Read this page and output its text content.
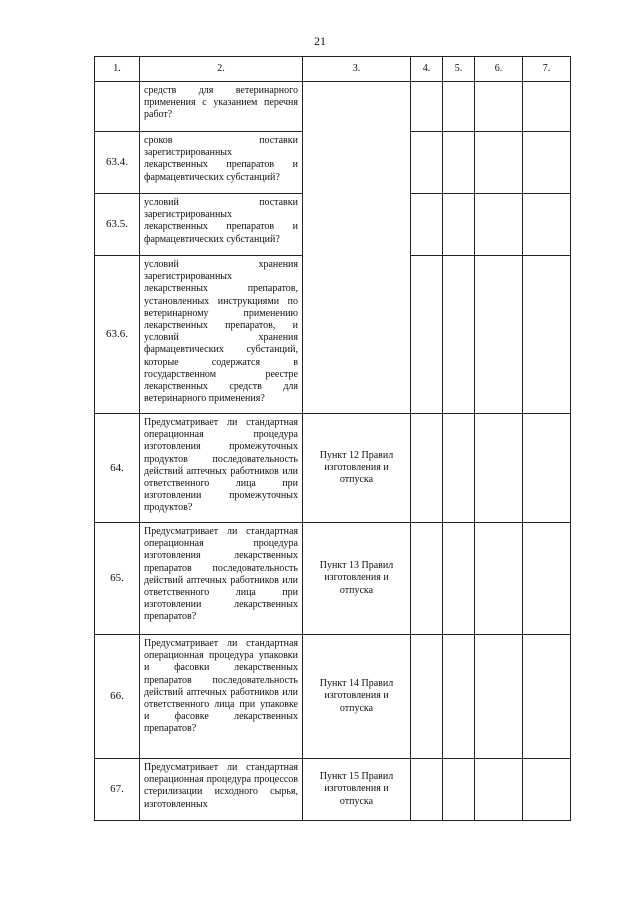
21
1.	2.	3.	4.	5.	6.	7.
	средств для ветеринарного применения с указанием перечня работ?					
63.4.	сроков поставки зарегистрированных лекарственных препаратов и фармацевтических субстанций?					
63.5.	условий поставки зарегистрированных лекарственных препаратов и фармацевтических субстанций?					
63.6.	условий хранения зарегистрированных лекарственных препаратов, установленных инструкциями по ветеринарному применению лекарственных препаратов, и условий хранения фармацевтических субстанций, которые содержатся в государственном реестре лекарственных средств для ветеринарного применения?					
64.	Предусматривает ли стандартная операционная процедура изготовления промежуточных продуктов последовательность действий аптечных работников или ответственного лица при изготовлении промежуточных продуктов?	Пункт 12 Правил изготовления и отпуска				
65.	Предусматривает ли стандартная операционная процедура изготовления лекарственных препаратов последовательность действий аптечных работников или ответственного лица при изготовлении лекарственных препаратов?	Пункт 13 Правил изготовления и отпуска				
66.	Предусматривает ли стандартная операционная процедура упаковки и фасовки лекарственных препаратов последовательность действий аптечных работников или ответственного лица при упаковке и фасовке лекарственных препаратов?	Пункт 14 Правил изготовления и отпуска				
67.	Предусматривает ли стандартная операционная процедура процессов стерилизации исходного сырья, изготовленных	Пункт 15 Правил изготовления и отпуска				
